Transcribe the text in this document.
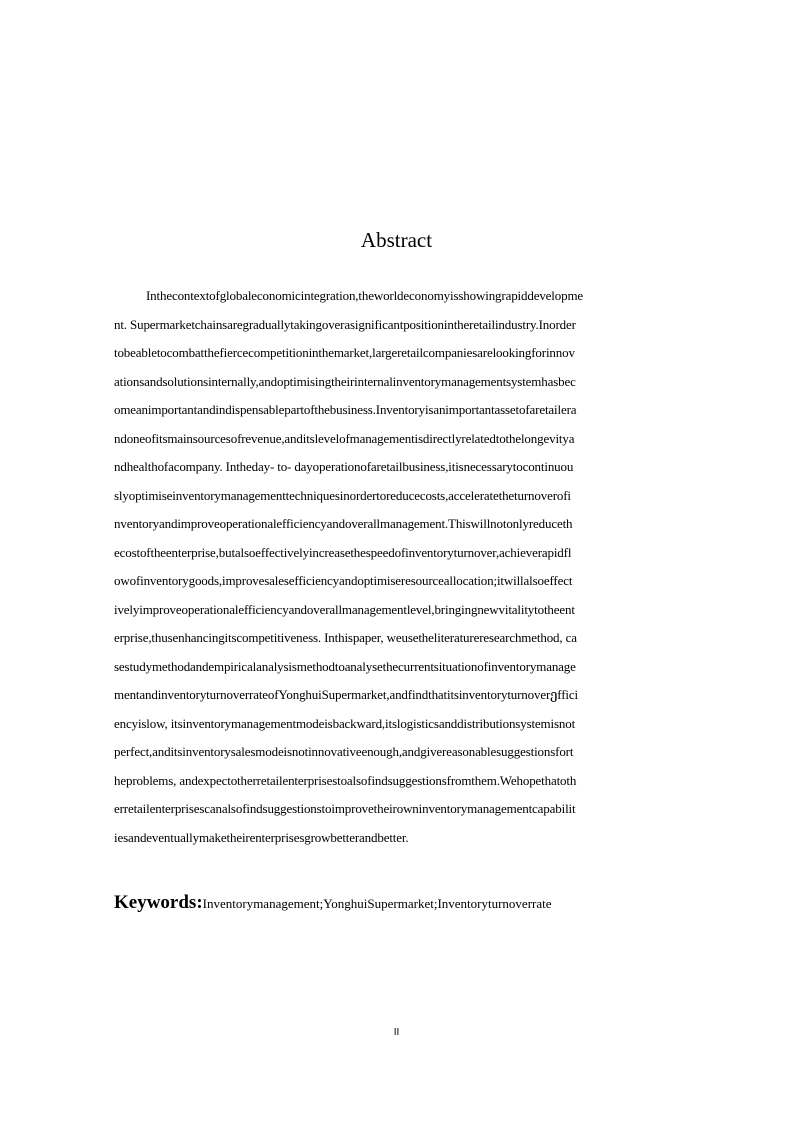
Abstract
Inthecontextofglobaleconomicintegration,theworldeconomyisshowingrapiddevelopme
nt. Supermarketchainsaregraduallytakingoverasignificantpositionintheretailindustry.Inorder
tobeabletocombatthefiercecompetitioninthemarket,largeretailcompaniesarelookingforinnov
ationsandsolutionsinternally,andoptimisingtheirinternalinventorymanagementsystemhasbec
omeanimportantandindispensablepartofthebusiness.Inventoryisanimportantassetofaretailera
ndoneofitsmainsourcesofrevenue,anditslevelofmanagementisdirectlyrelatedtothelongevitya
ndhealthofacompany. Intheday- to- dayoperationofaretailbusiness,itisnecessarytocontinuou
slyoptimiseinventorymanagementtechniquesinordertoreducecosts,acceleratetheturnoverofi
nventoryandimproveoperationalefficiencyandoverallmanagement.Thiswillnotonlyreduceth
ecostoftheenterprise,butalsoeffectivelyincreasethespeedofinventoryturnover,achieverapidfl
owofinventorygoods,improvesalesefficiencyandoptimiseresourceallocation;itwillalsoeffect
ivelyimproveoperationalefficiencyandoverallmanagementlevel,bringingnewvitalitytotheent
erprise,thusenhancingitscompetitiveness. Inthispaper, weusetheliteratureresearchmethod, ca
sestudymethodandempiricalanalysismethodtoanalysethecurrentsituationofinventorymanage
mentandinventoryturnoverrateofYonghuiSupermarket,andfindthatitsinventoryturnoverეffici
encyislow, itsinventorymanagementmodeisbackward,itslogisticsanddistributionsystemisnot
perfect,anditsinventorysalesmodeisnotinnovativeenough,andgivereasonablesuggestionsfort
heproblems, andexpectotherretailenterprisestoalsofindsuggestionsfromthem.Wehopethatoth
erretailenterprisescanalsofindsuggestionstoimprovetheirowninventorymanagementcapabilit
iesandeventuallymaketheirenterprisesgrowbetterandbetter.
Keywords:Inventorymanagement;YonghuiSupermarket;Inventoryturnoverrate
II
